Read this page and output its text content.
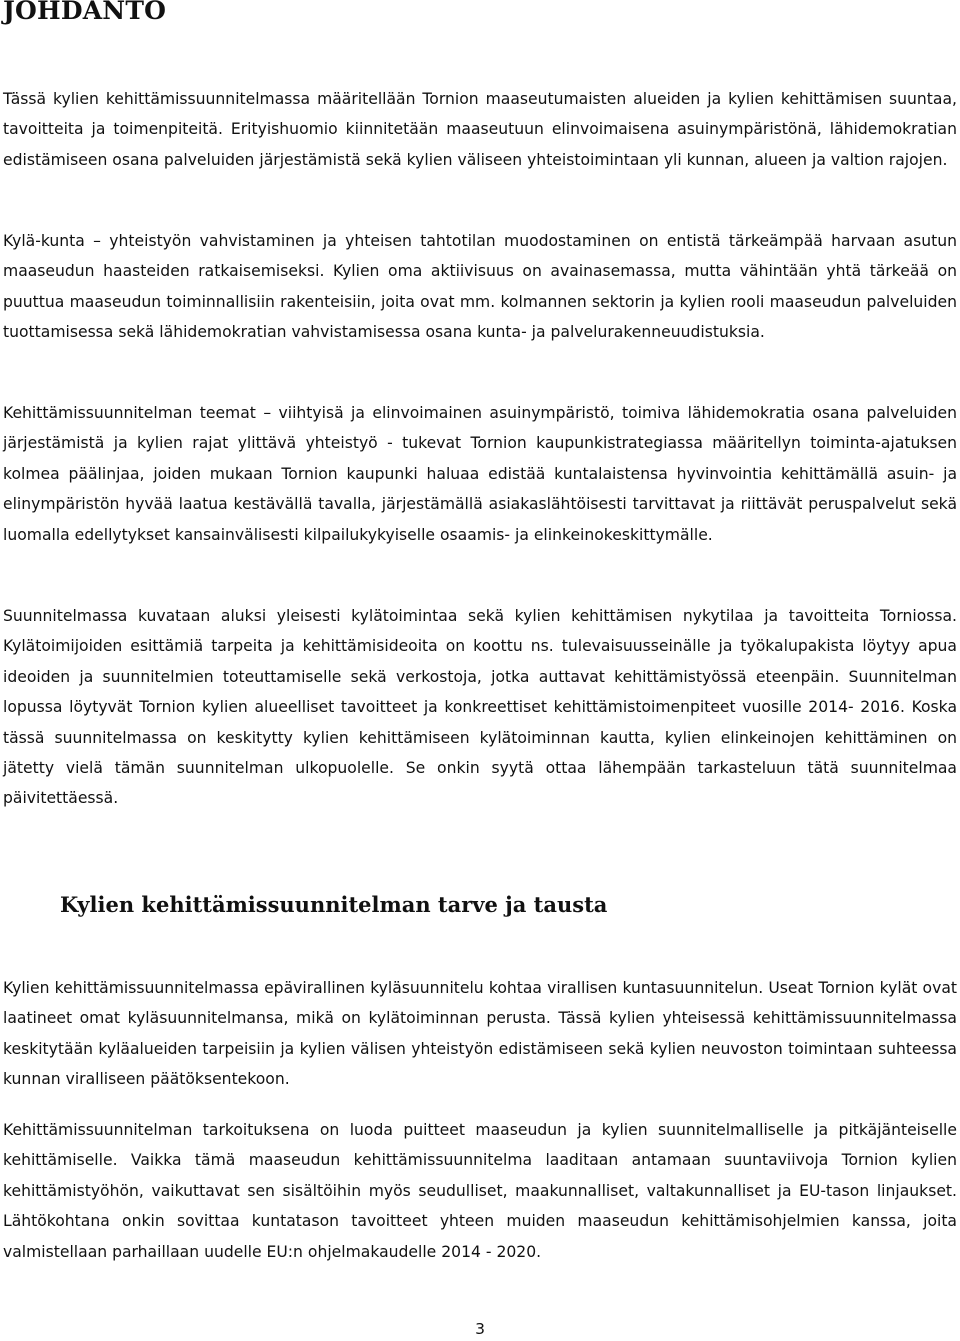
JOHDANTO

Tässä kylien kehittämissuunnitelmassa määritellään Tornion maaseutumaisten alueiden ja kylien kehittämisen suuntaa, tavoitteita ja toimenpiteitä. Erityishuomio kiinnitetään maaseutuun elinvoimaisena asuinympäristönä, lähidemokratian edistämiseen osana palveluiden järjestämistä sekä kylien väliseen yhteistoimintaan yli kunnan, alueen ja valtion rajojen.

Kylä-kunta – yhteistyön vahvistaminen ja yhteisen tahtotilan muodostaminen on entistä tärkeämpää harvaan asutun maaseudun haasteiden ratkaisemiseksi. Kylien oma aktiivisuus on avainasemassa, mutta vähintään yhtä tärkeää on puuttua maaseudun toiminnallisiin rakenteisiin, joita ovat mm. kolmannen sektorin ja kylien rooli maaseudun palveluiden tuottamisessa sekä lähidemokratian vahvistamisessa osana kunta- ja palvelurakenneuudistuksia.

Kehittämissuunnitelman teemat – viihtyisä ja elinvoimainen asuinympäristö, toimiva lähidemokratia osana palveluiden järjestämistä ja kylien rajat ylittävä yhteistyö - tukevat Tornion kaupunkistrategiassa määritellyn toiminta-ajatuksen kolmea päälinjaa, joiden mukaan Tornion kaupunki haluaa edistää kuntalaistensa hyvinvointia kehittämällä asuin- ja elinympäristön hyvää laatua kestävällä tavalla, järjestämällä asiakaslähtöisesti tarvittavat ja riittävät peruspalvelut sekä luomalla edellytykset kansainvälisesti kilpailukykyiselle osaamis- ja elinkeinokeskittymälle.

Suunnitelmassa kuvataan aluksi yleisesti kylätoimintaa sekä kylien kehittämisen nykytilaa ja tavoitteita Torniossa. Kylätoimijoiden esittämiä tarpeita ja kehittämisideoita on koottu ns. tulevaisuusseinälle ja työkalupakista löytyy apua ideoiden ja suunnitelmien toteuttamiselle sekä verkostoja, jotka auttavat kehittämistyössä eteenpäin. Suunnitelman lopussa löytyvät Tornion kylien alueelliset tavoitteet ja konkreettiset kehittämistoimenpiteet vuosille 2014- 2016. Koska tässä suunnitelmassa on keskitytty kylien kehittämiseen kylätoiminnan kautta, kylien elinkeinojen kehittäminen on jätetty vielä tämän suunnitelman ulkopuolelle. Se onkin syytä ottaa lähempään tarkasteluun tätä suunnitelmaa päivitettäessä.

Kylien kehittämissuunnitelman tarve ja tausta

Kylien kehittämissuunnitelmassa epävirallinen kyläsuunnitelu kohtaa virallisen kuntasuunnitelun. Useat Tornion kylät ovat laatineet omat kyläsuunnitelmansa, mikä on kylätoiminnan perusta. Tässä kylien yhteisessä kehittämissuunnitelmassa keskitytään kyläalueiden tarpeisiin ja kylien välisen yhteistyön edistämiseen sekä kylien neuvoston toimintaan suhteessa kunnan viralliseen päätöksentekoon.

Kehittämissuunnitelman tarkoituksena on luoda puitteet maaseudun ja kylien suunnitelmalliselle ja pitkäjänteiselle kehittämiselle. Vaikka tämä maaseudun kehittämissuunnitelma laaditaan antamaan suuntaviivoja Tornion kylien kehittämistyöhön, vaikuttavat sen sisältöihin myös seudulliset, maakunnalliset, valtakunnalliset ja EU-tason linjaukset. Lähtökohtana onkin sovittaa kuntatason tavoitteet yhteen muiden maaseudun kehittämisohjelmien kanssa, joita valmistellaan parhaillaan uudelle EU:n ohjelmakaudelle 2014 - 2020.

3
